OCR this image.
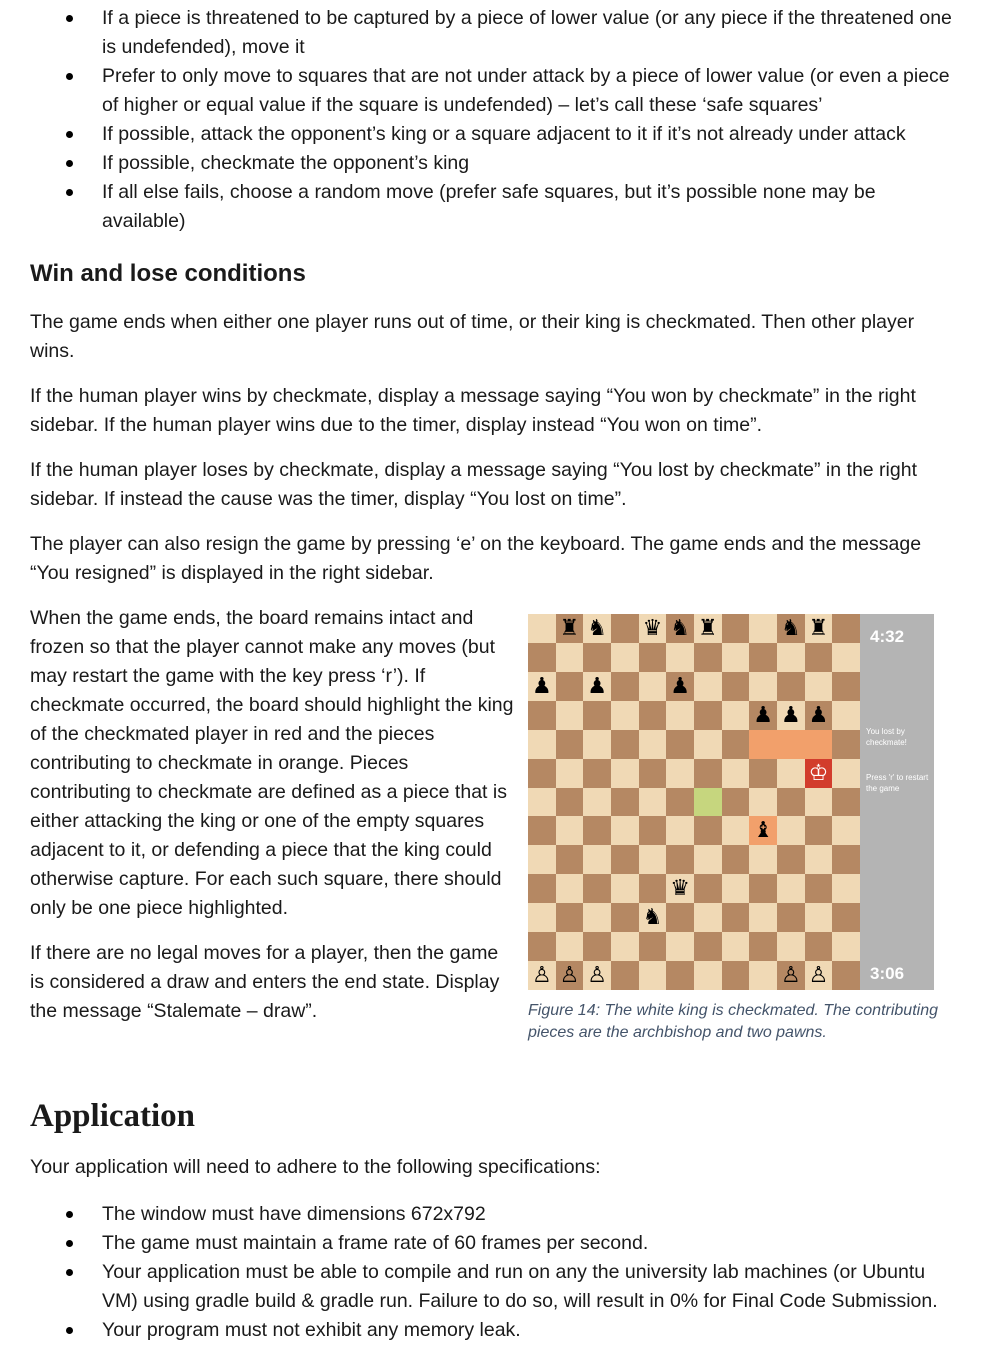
If a piece is threatened to be captured by a piece of lower value (or any piece if the threatened one is undefended), move it
Prefer to only move to squares that are not under attack by a piece of lower value (or even a piece of higher or equal value if the square is undefended) – let’s call these ‘safe squares’
If possible, attack the opponent’s king or a square adjacent to it if it’s not already under attack
If possible, checkmate the opponent’s king
If all else fails, choose a random move (prefer safe squares, but it’s possible none may be available)
Win and lose conditions

The game ends when either one player runs out of time, or their king is checkmated. Then other player wins.

If the human player wins by checkmate, display a message saying “You won by checkmate” in the right sidebar. If the human player wins due to the timer, display instead “You won on time”.

If the human player loses by checkmate, display a message saying “You lost by checkmate” in the right sidebar. If instead the cause was the timer, display “You lost on time”.

The player can also resign the game by pressing ‘e’ on the keyboard. The game ends and the message “You resigned” is displayed in the right sidebar.

When the game ends, the board remains intact and frozen so that the player cannot make any moves (but may restart the game with the key press ‘r’). If checkmate occurred, the board should highlight the king of the checkmated player in red and the pieces contributing to checkmate in orange. Pieces contributing to checkmate are defined as a piece that is either attacking the king or one of the empty squares adjacent to it, or defending a piece that the king could otherwise capture. For each such square, there should only be one piece highlighted.

If there are no legal moves for a player, then the game is considered a draw and enters the end state. Display the message “Stalemate – draw”.

♜ ♞ ♛ ♞ ♜	♞ ♜
♟ ♟	♟
♟ ♟ ♟
♔
♝
♛
♞
♙ ♙ ♙	♙ ♙
4:32
You lost by checkmate!
Press 'r' to restart the game
3:06
Figure 14: The white king is checkmated. The contributing pieces are the archbishop and two pawns.
Application

Your application will need to adhere to the following specifications:

The window must have dimensions 672x792
The game must maintain a frame rate of 60 frames per second.
Your application must be able to compile and run on any the university lab machines (or Ubuntu VM) using gradle build & gradle run. Failure to do so, will result in 0% for Final Code Submission.
Your program must not exhibit any memory leak.
